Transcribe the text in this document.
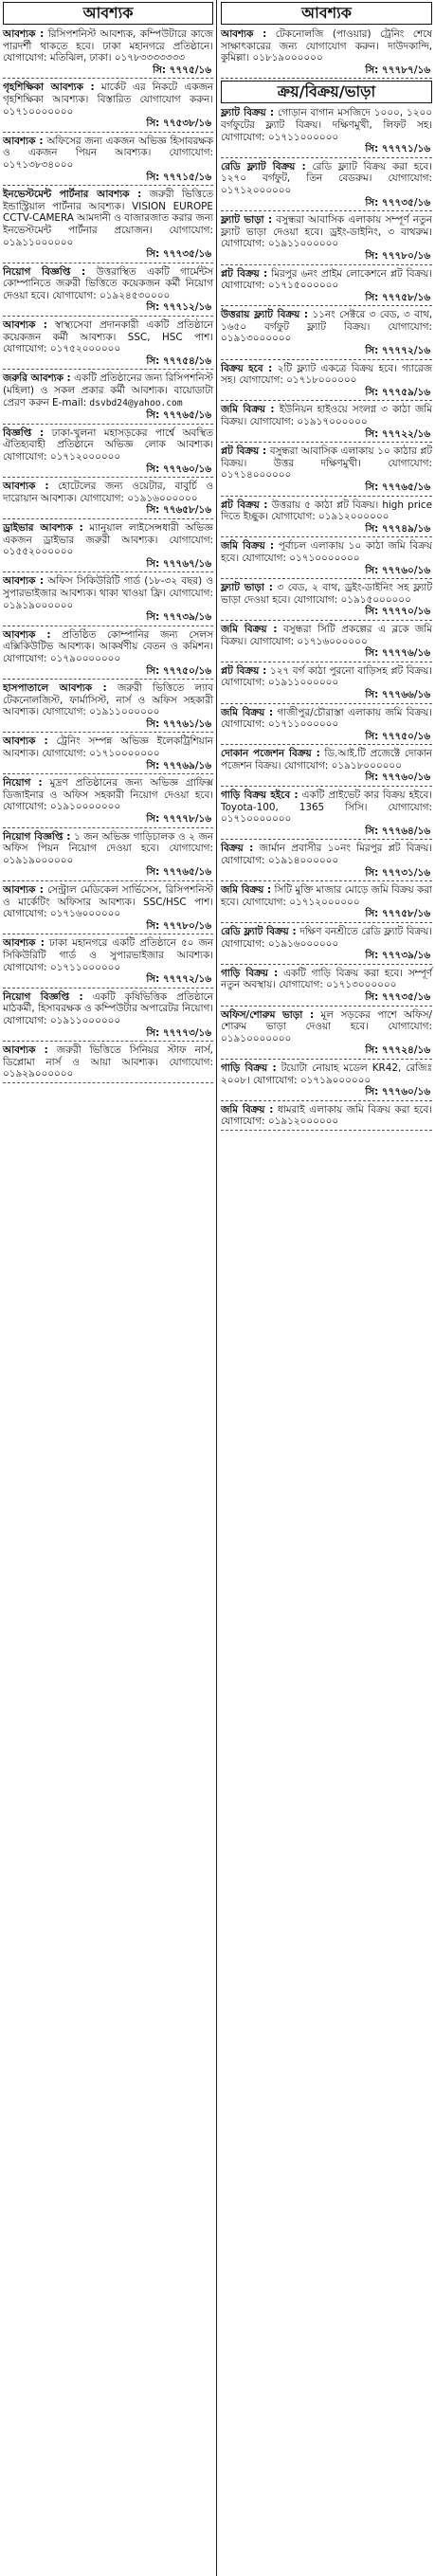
আবশ্যক
আবশ্যক : রিসিপশনিস্ট আবশ্যক, কম্পিউটারে কাজে পারদর্শী থাকতে হবে। ঢাকা মহানগরে প্রতিষ্ঠানে। যোগাযোগ: মতিঝিল, ঢাকা। ০১৭৮৩৩৩৩৩৩৩
সি: ৭৭৭৫/১৬
গৃহশিক্ষিকা আবশ্যক : মার্কেট এর নিকটে একজন গৃহশিক্ষিকা আবশ্যক। বিস্তারিত যোগাযোগ করুন। ০১৭১০০০০০০০
সি: ৭৭৫৩৮/১৬
আবশ্যক : অফিসের জন্য একজন অভিজ্ঞ হিসাবরক্ষক ও একজন পিয়ন আবশ্যক। যোগাযোগ: ০১৭১৩৮৩৪০০০
সি: ৭৭৭১৫/১৬
ইনভেস্টমেন্ট পার্টনার আবশ্যক : জরুরী ভিত্তিতে ইন্ডাস্ট্রিয়াল পার্টনার আবশ্যক। VISION EUROPE CCTV-CAMERA আমদানী ও বাজারজাত করার জন্য ইনভেস্টমেন্ট পার্টনার প্রয়োজন। যোগাযোগ: ০১৯১১০০০০০০
সি: ৭৭৭৩৫/১৬
নিয়োগ বিজ্ঞপ্তি : উত্তরাস্থিত একটি গার্মেন্টস কোম্পানিতে জরুরী ভিত্তিতে কয়েকজন কর্মী নিয়োগ দেওয়া হবে। যোগাযোগ: ০১৯২৪৫৩০০০০
সি: ৭৭৭১২/১৬
আবশ্যক : স্বাস্থ্যসেবা প্রদানকারী একটি প্রতিষ্ঠানে কয়েকজন কর্মী আবশ্যক। SSC, HSC পাশ। যোগাযোগ: ০১৭৫২০০০০০০
সি: ৭৭৭৫৪/১৬
জরুরি আবশ্যক : একটি প্রতিষ্ঠানের জন্য রিসিপশনিস্ট (মহিলা) ও সকল প্রকার কর্মী আবশ্যক। বায়োডাটা প্রেরণ করুন E-mail: dsvbd24@yahoo.com
সি: ৭৭৭৬৫/১৬
বিজ্ঞপ্তি : ঢাকা-খুলনা মহাসড়কের পার্শ্বে অবস্থিত ঐতিহ্যবাহী প্রতিষ্ঠানে অভিজ্ঞ লোক আবশ্যক। যোগাযোগ: ০১৭১২০০০০০০
সি: ৭৭৭৬০/১৬
আবশ্যক : হোটেলের জন্য ওয়েটার, বাবুর্চি ও দারোয়ান আবশ্যক। যোগাযোগ: ০১৯১৬০০০০০০
সি: ৭৭৬৫৮/১৬
ড্রাইভার আবশ্যক : ম্যানুয়াল লাইসেন্সধারী অভিজ্ঞ একজন ড্রাইভার জরুরী আবশ্যক। যোগাযোগ: ০১৫৫২০০০০০০
সি: ৭৭৭৬৭/১৬
আবশ্যক : অফিস সিকিউরিটি গার্ড (১৮-৩২ বছর) ও সুপারভাইজার আবশ্যক। থাকা খাওয়া ফ্রি। যোগাযোগ: ০১৯১৯০০০০০০
সি: ৭৭৭৩৯/১৬
আবশ্যক : প্রতিষ্ঠিত কোম্পানির জন্য সেলস এক্সিকিউটিভ আবশ্যক। আকর্ষণীয় বেতন ও কমিশন। যোগাযোগ: ০১৭৯০০০০০০০
সি: ৭৭৭৫০/১৬
হাসপাতালে আবশ্যক : জরুরী ভিত্তিতে ল্যাব টেকনোলজিস্ট, ফার্মাসিস্ট, নার্স ও অফিস সহকারী আবশ্যক। যোগাযোগ: ০১৯১১০০০০০০
সি: ৭৭৭৬১/১৬
আবশ্যক : ট্রেনিং সম্পন্ন অভিজ্ঞ ইলেকট্রিশিয়ান আবশ্যক। যোগাযোগ: ০১৭১০০০০০০০
সি: ৭৭৭৬৯/১৬
নিয়োগ : মুদ্রণ প্রতিষ্ঠানের জন্য অভিজ্ঞ গ্রাফিক্স ডিজাইনার ও অফিস সহকারী নিয়োগ দেওয়া হবে। যোগাযোগ: ০১৯১০০০০০০০
সি: ৭৭৭৭৮/১৬
নিয়োগ বিজ্ঞপ্তি : ১ জন অভিজ্ঞ গাড়িচালক ও ২ জন অফিস পিয়ন নিয়োগ দেওয়া হবে। যোগাযোগ: ০১৯১৯০০০০০০
সি: ৭৭৭৬৫/১৬
আবশ্যক : সেন্ট্রাল মেডিকেল সার্ভিসেস, রিসিপশনিস্ট ও মার্কেটিং অফিসার আবশ্যক। SSC/HSC পাশ। যোগাযোগ: ০১৭১৬০০০০০০
সি: ৭৭৭৮০/১৬
আবশ্যক : ঢাকা মহানগরে একটি প্রতিষ্ঠানে ৫০ জন সিকিউরিটি গার্ড ও সুপারভাইজার আবশ্যক। যোগাযোগ: ০১৭১১০০০০০০
সি: ৭৭৭৭২/১৬
নিয়োগ বিজ্ঞপ্তি : একটি কৃষিভিত্তিক প্রতিষ্ঠানে মাঠকর্মী, হিসাবরক্ষক ও কম্পিউটার অপারেটর নিয়োগ। যোগাযোগ: ০১৯১১০০০০০০
সি: ৭৭৭৭৩/১৬
আবশ্যক : জরুরী ভিত্তিতে সিনিয়র স্টাফ নার্স, ডিপ্লোমা নার্স ও আয়া আবশ্যক। যোগাযোগ: ০১৯২৯০০০০০০
আবশ্যক
আবশ্যক : টেকনোলজি (পাওয়ার) ট্রেনিং শেষে সাক্ষাৎকারের জন্য যোগাযোগ করুন। দাউদকান্দি, কুমিল্লা। ০১৮১৯০০০০০০
সি: ৭৭৭৮৭/১৬
ক্রয়/বিক্রয়/ভাড়া
ফ্ল্যাট বিক্রয় : গোড়ান বাগান মসজিদে ১০০০, ১২০০ বর্গফুটের ফ্ল্যাট বিক্রয়। দক্ষিণমুখী, লিফট সহ। যোগাযোগ: ০১৭১১০০০০০০
সি: ৭৭৭৭১/১৬
রেডি ফ্ল্যাট বিক্রয় : রেডি ফ্ল্যাট বিক্রয় করা হবে। ১২৭০ বর্গফুট, তিন বেডরুম। যোগাযোগ: ০১৭১২০০০০০০
সি: ৭৭৭৩৫/১৬
ফ্ল্যাট ভাড়া : বসুন্ধরা আবাসিক এলাকায় সম্পূর্ণ নতুন ফ্ল্যাট ভাড়া দেওয়া হবে। ড্রইং-ডাইনিং, ৩ বাথরুম। যোগাযোগ: ০১৯১১০০০০০০
সি: ৭৭৭৮০/১৬
প্লট বিক্রয় : মিরপুর ৬নং প্রাইম লোকেশনে প্লট বিক্রয়। যোগাযোগ: ০১৭১৫০০০০০০
সি: ৭৭৭৫৮/১৬
উত্তরায় ফ্ল্যাট বিক্রয় : ১১নং সেক্টরে ৩ বেড, ৩ বাথ, ১৬৫০ বর্গফুট ফ্ল্যাট বিক্রয়। যোগাযোগ: ০১৯১৩০০০০০০
সি: ৭৭৭৭২/১৬
বিক্রয় হবে : ২টি ফ্ল্যাট একত্রে বিক্রয় হবে। গ্যারেজ সহ। যোগাযোগ: ০১৭১৮০০০০০০
সি: ৭৭৭৫৯/১৬
জমি বিক্রয় : ইউনিয়ন হাইওয়ে সংলগ্ন ৩ কাঠা জমি বিক্রয়। যোগাযোগ: ০১৯১৭০০০০০০
সি: ৭৭৭২২/১৬
প্লট বিক্রয় : বসুন্ধরা আবাসিক এলাকায় ১০ কাঠার প্লট বিক্রয়। উত্তর দক্ষিণমুখী। যোগাযোগ: ০১৭১৪০০০০০০
সি: ৭৭৭৬৫/১৬
প্লট বিক্রয় : উত্তরায় ৫ কাঠা প্লট বিক্রয়। high price দিতে ইচ্ছুক। যোগাযোগ: ০১৯১২০০০০০০
সি: ৭৭৭৪৯/১৬
জমি বিক্রয় : পূর্বাচল এলাকায় ১০ কাঠা জমি বিক্রয় হবে। যোগাযোগ: ০১৭১০০০০০০০
সি: ৭৭৭৬০/১৬
ফ্ল্যাট ভাড়া : ৩ বেড, ২ বাথ, ড্রইং-ডাইনিং সহ ফ্ল্যাট ভাড়া দেওয়া হবে। যোগাযোগ: ০১৯১৫০০০০০০
সি: ৭৭৭৭০/১৬
জমি বিক্রয় : বসুন্ধরা সিটি প্রকল্পের এ ব্লকে জমি বিক্রয়। যোগাযোগ: ০১৭১৬০০০০০০
সি: ৭৭৭৭৬/১৬
প্লট বিক্রয় : ১২৭ বর্গ কাঠা পুরনো বাড়িসহ প্লট বিক্রয়। যোগাযোগ: ০১৯১১০০০০০০
সি: ৭৭৭৬৬/১৬
জমি বিক্রয় : গাজীপুর/চৌরাস্তা এলাকায় জমি বিক্রয়। যোগাযোগ: ০১৭১১০০০০০০
সি: ৭৭৭৫০/১৬
দোকান পজেশন বিক্রয় : ডি.আই.টি প্রজেক্টে দোকান পজেশন বিক্রয়। যোগাযোগ: ০১৯১৮০০০০০০
সি: ৭৭৭৬০/১৬
গাড়ি বিক্রয় হইবে : একটি প্রাইভেট কার বিক্রয় হইবে। Toyota-100, 1365 সিসি। যোগাযোগ: ০১৭১০০০০০০০
সি: ৭৭৭৬৪/১৬
বিক্রয় : জার্মান প্রবাসীর ১০নং মিরপুর প্লট বিক্রয়। যোগাযোগ: ০১৯১৪০০০০০০
সি: ৭৭৭৩১/১৬
জমি বিক্রয় : সিটি মুক্তি মাজার মোড়ে জমি বিক্রয় করা হবে। যোগাযোগ: ০১৭১২০০০০০০
সি: ৭৭৭৫৮/১৬
রেডি ফ্ল্যাট বিক্রয় : দক্ষিণ বনশ্রীতে রেডি ফ্ল্যাট বিক্রয়। যোগাযোগ: ০১৯১৬০০০০০০
সি: ৭৭৭৩৯/১৬
গাড়ি বিক্রয় : একটি গাড়ি বিক্রয় করা হবে। সম্পূর্ণ নতুন অবস্থায়। যোগাযোগ: ০১৭১৩০০০০০০
সি: ৭৭৭৩৫/১৬
অফিস/শোরুম ভাড়া : মূল সড়কের পাশে অফিস/শোরুম ভাড়া দেওয়া হবে। যোগাযোগ: ০১৯১০০০০০০০
সি: ৭৭৭২৪/১৬
গাড়ি বিক্রয় : টয়োটা নোয়াহ মডেল KR42, রেজিঃ ২০০৮। যোগাযোগ: ০১৭১৯০০০০০০
সি: ৭৭৭৬০/১৬
জমি বিক্রয় : ধামরাই এলাকায় জমি বিক্রয় করা হবে। যোগাযোগ: ০১৯১২০০০০০০
